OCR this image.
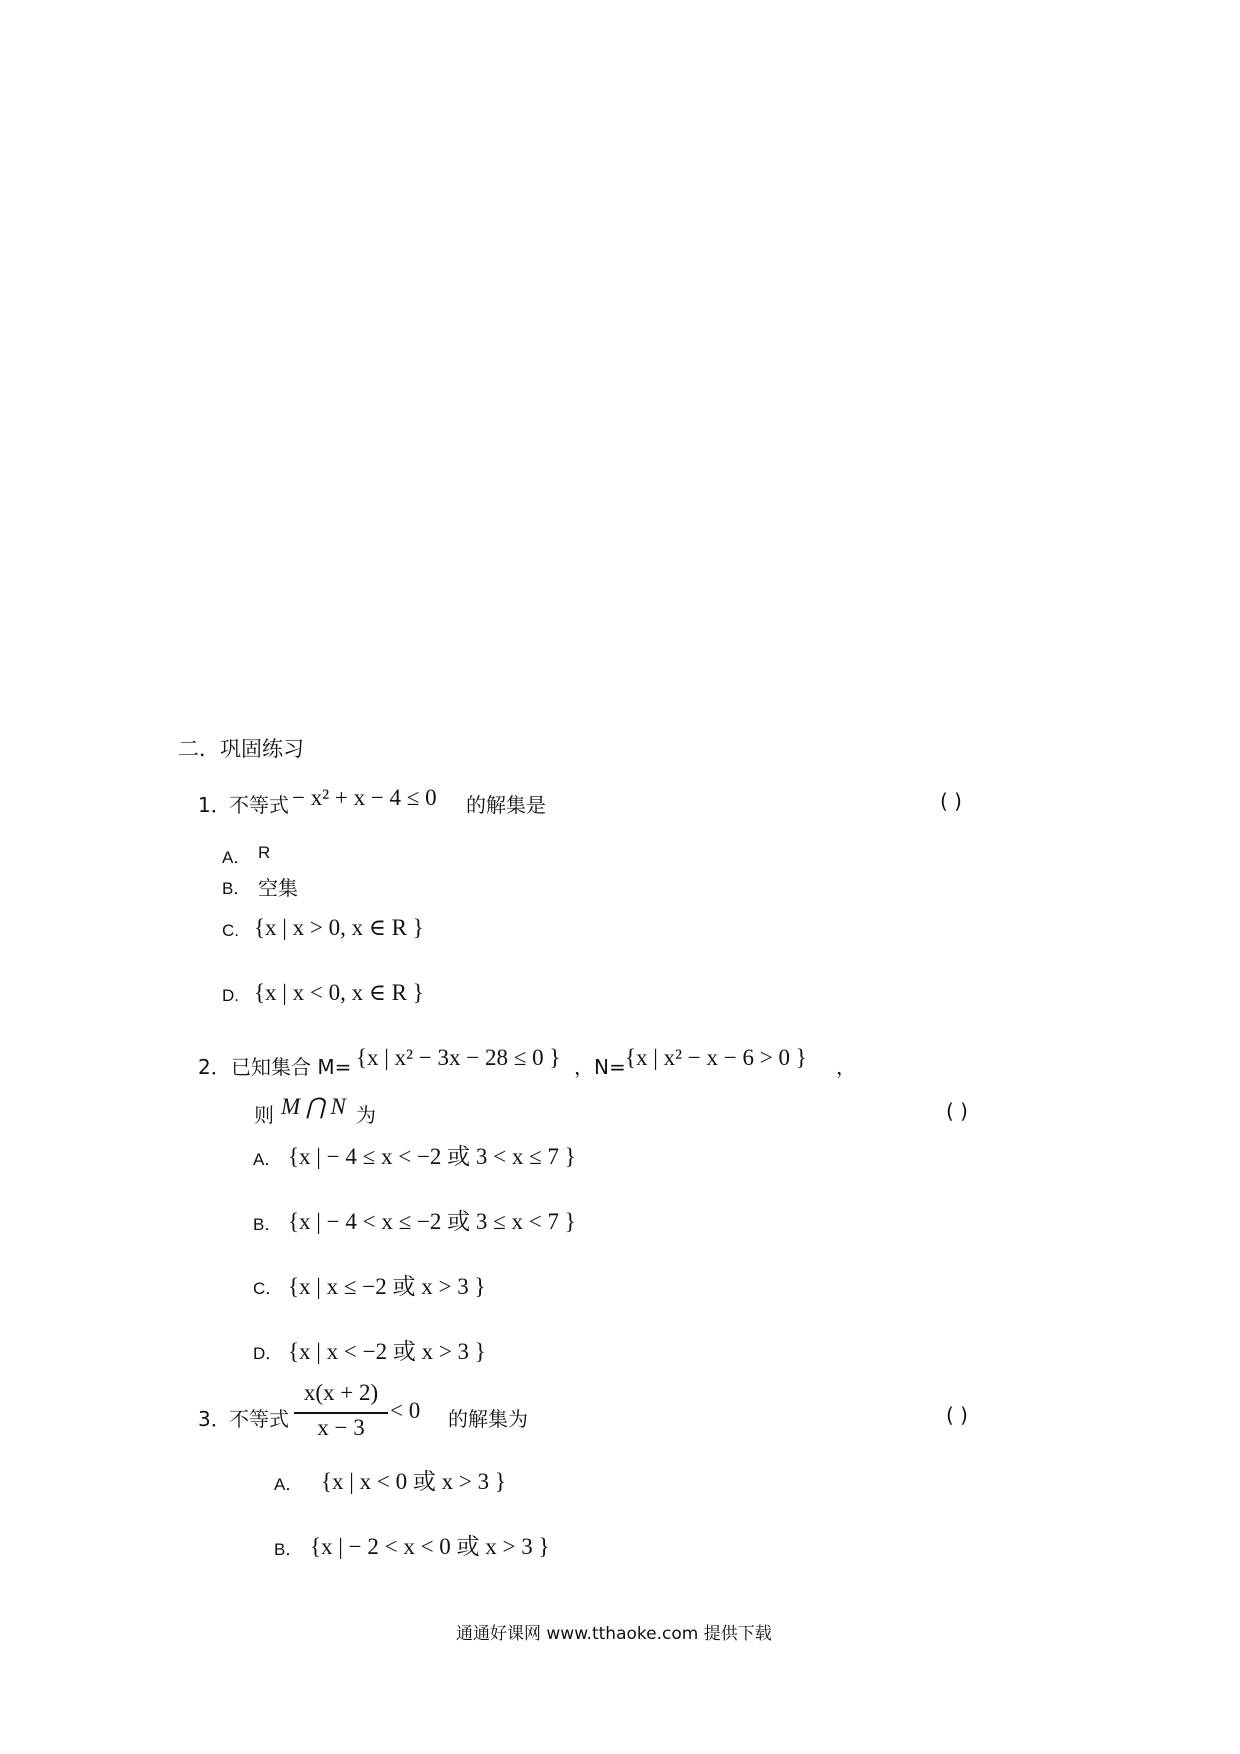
二．巩固练习
1．
不等式 − x² + x − 4 ≤ 0 的解集是	( )
A． R
B． 空集
C. {x | x > 0, x ∈ R }
D. {x | x < 0, x ∈ R }
2． 已知集合 M= {x | x² − 3x − 28 ≤ 0 } ，N= {x | x² − x − 6 > 0 } ，
则 M ⋂ N 为	( )
A． {x | − 4 ≤ x < −2 或 3 < x ≤ 7 }
B． {x | − 4 < x ≤ −2 或 3 ≤ x < 7 }
C． {x | x ≤ −2 或 x > 3 }
D． {x | x < −2 或 x > 3 }
3．
不等式
x(x + 2)
x − 3
< 0 的解集为	( )
A． {x | x < 0 或 x > 3 }
B． {x | − 2 < x < 0 或 x > 3 }
通通好课网 www.tthaoke.com 提供下载
